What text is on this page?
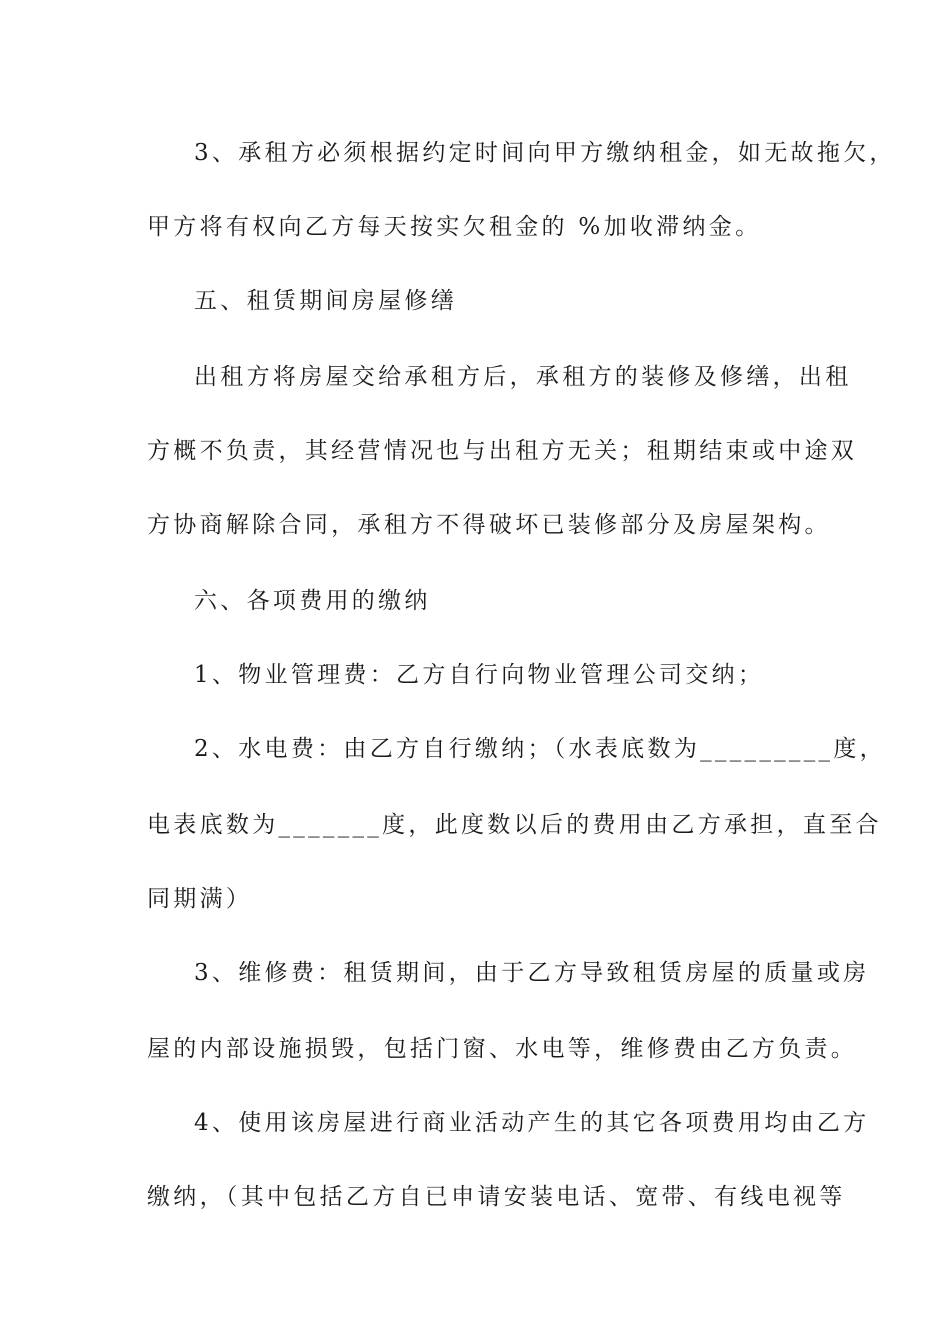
3、承租方必须根据约定时间向甲方缴纳租金，如无故拖欠，

甲方将有权向乙方每天按实欠租金的 %加收滞纳金。

五、租赁期间房屋修缮

出租方将房屋交给承租方后，承租方的装修及修缮，出租

方概不负责，其经营情况也与出租方无关；租期结束或中途双

方协商解除合同，承租方不得破坏已装修部分及房屋架构。

六、各项费用的缴纳

1、物业管理费：乙方自行向物业管理公司交纳；

2、水电费：由乙方自行缴纳；（水表底数为_________度，

电表底数为_______度，此度数以后的费用由乙方承担，直至合

同期满）

3、维修费：租赁期间，由于乙方导致租赁房屋的质量或房

屋的内部设施损毁，包括门窗、水电等，维修费由乙方负责。

4、使用该房屋进行商业活动产生的其它各项费用均由乙方

缴纳，（其中包括乙方自已申请安装电话、宽带、有线电视等
